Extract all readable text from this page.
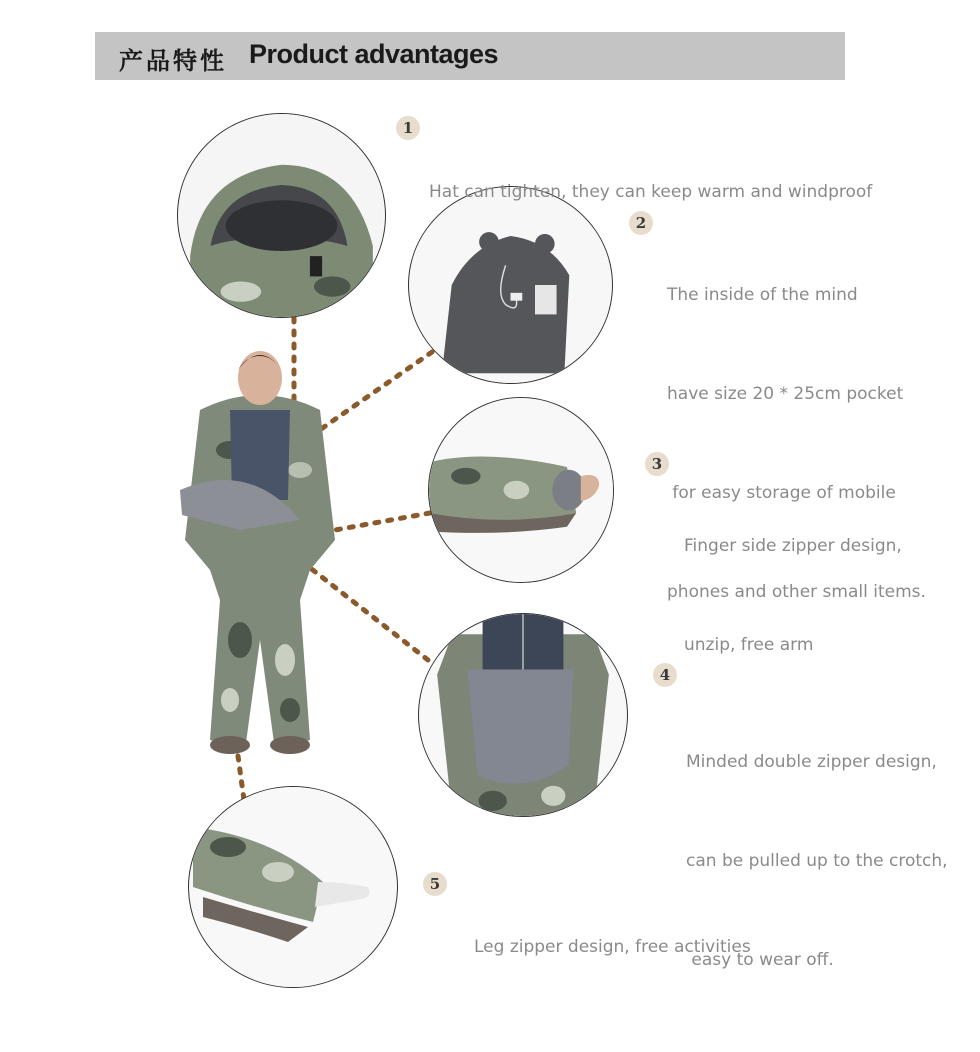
产品特性 Product advantages
1

Hat can tighten, they can keep warm and windproof

2

The inside of the mind

have size 20 * 25cm pocket

for easy storage of mobile

phones and other small items.

3

Finger side zipper design,

unzip, free arm

4

Minded double zipper design,

can be pulled up to the crotch,

easy to wear off.

5

Leg zipper design, free activities
